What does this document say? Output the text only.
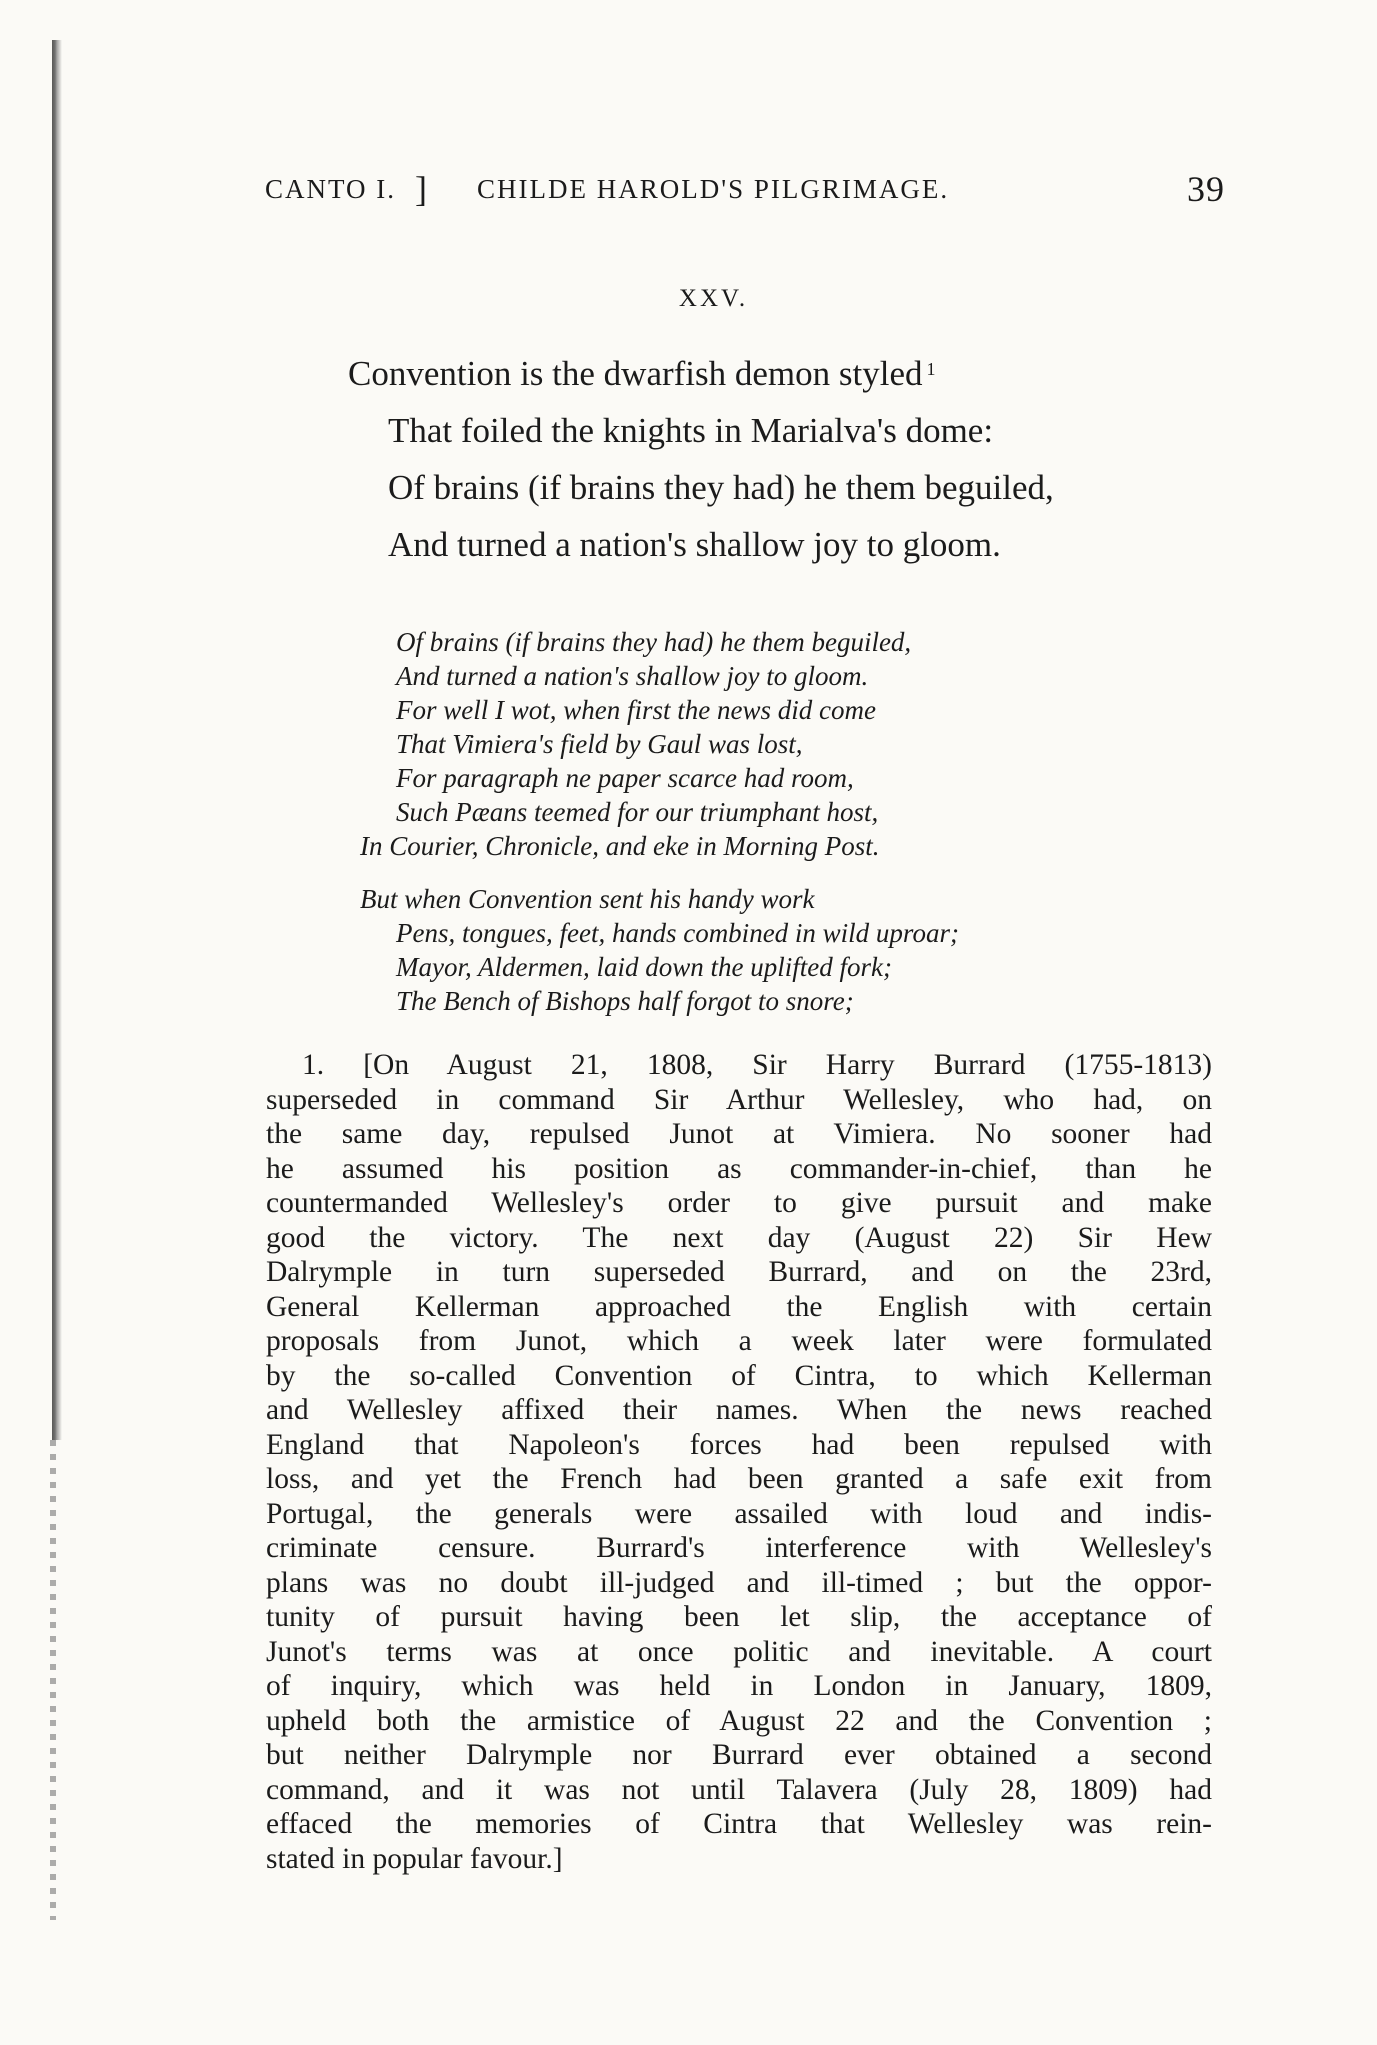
CANTO I. ] CHILDE HAROLD'S PILGRIMAGE.	39
XXV.
Convention is the dwarfish demon styled $^1$
That foiled the knights in Marialva's dome:
Of brains (if brains they had) he them beguiled,
And turned a nation's shallow joy to gloom.
Of brains (if brains they had) he them beguiled,
And turned a nation's shallow joy to gloom.
For well I wot, when first the news did come
That Vimiera's field by Gaul was lost,
For paragraph ne paper scarce had room,
Such Pæans teemed for our triumphant host,
In Courier, Chronicle, and eke in Morning Post.
But when Convention sent his handy work
Pens, tongues, feet, hands combined in wild uproar;
Mayor, Aldermen, laid down the uplifted fork;
The Bench of Bishops half forgot to snore;
1. [On August 21, 1808, Sir Harry Burrard (1755-1813)
superseded in command Sir Arthur Wellesley, who had, on
the same day, repulsed Junot at Vimiera. No sooner had
he assumed his position as commander-in-chief, than he
countermanded Wellesley's order to give pursuit and make
good the victory. The next day (August 22) Sir Hew
Dalrymple in turn superseded Burrard, and on the 23rd,
General Kellerman approached the English with certain
proposals from Junot, which a week later were formulated
by the so-called Convention of Cintra, to which Kellerman
and Wellesley affixed their names. When the news reached
England that Napoleon's forces had been repulsed with
loss, and yet the French had been granted a safe exit from
Portugal, the generals were assailed with loud and indis-
criminate censure. Burrard's interference with Wellesley's
plans was no doubt ill-judged and ill-timed ; but the oppor-
tunity of pursuit having been let slip, the acceptance of
Junot's terms was at once politic and inevitable. A court
of inquiry, which was held in London in January, 1809,
upheld both the armistice of August 22 and the Convention ;
but neither Dalrymple nor Burrard ever obtained a second
command, and it was not until Talavera (July 28, 1809) had
effaced the memories of Cintra that Wellesley was rein-
stated in popular favour.]
